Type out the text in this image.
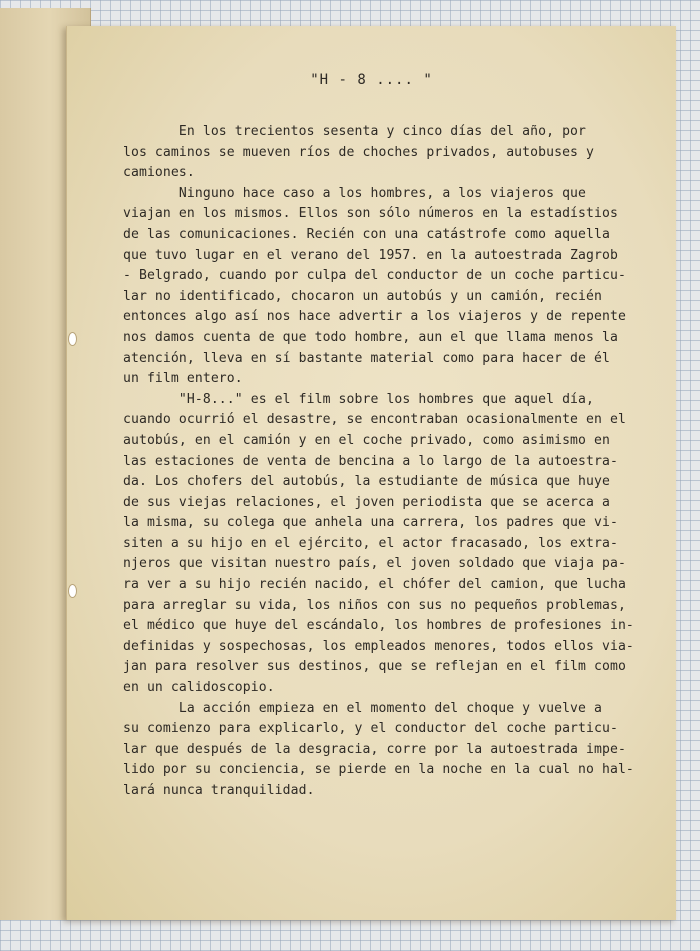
"H - 8 .... "
En los trecientos sesenta y cinco días del año, por
los caminos se mueven ríos de choches privados, autobuses y
camiones.
Ninguno hace caso a los hombres, a los viajeros que
viajan en los mismos. Ellos son sólo números en la estadístios
de las comunicaciones. Recién con una catástrofe como aquella
que tuvo lugar en el verano del 1957. en la autoestrada Zagrob
- Belgrado, cuando por culpa del conductor de un coche particu-
lar no identificado, chocaron un autobús y un camión, recién
entonces algo así nos hace advertir a los viajeros y de repente
nos damos cuenta de que todo hombre, aun el que llama menos la
atención, lleva en sí bastante material como para hacer de él
un film entero.
"H-8..." es el film sobre los hombres que aquel día,
cuando ocurrió el desastre, se encontraban ocasionalmente en el
autobús, en el camión y en el coche privado, como asimismo en
las estaciones de venta de bencina a lo largo de la autoestra-
da. Los chofers del autobús, la estudiante de música que huye
de sus viejas relaciones, el joven periodista que se acerca a
la misma, su colega que anhela una carrera, los padres que vi-
siten a su hijo en el ejército, el actor fracasado, los extra-
njeros que visitan nuestro país, el joven soldado que viaja pa-
ra ver a su hijo recién nacido, el chófer del camion, que lucha
para arreglar su vida, los niños con sus no pequeños problemas,
el médico que huye del escándalo, los hombres de profesiones in-
definidas y sospechosas, los empleados menores, todos ellos via-
jan para resolver sus destinos, que se reflejan en el film como
en un calidoscopio.
La acción empieza en el momento del choque y vuelve a
su comienzo para explicarlo, y el conductor del coche particu-
lar que después de la desgracia, corre por la autoestrada impe-
lido por su conciencia, se pierde en la noche en la cual no hal-
lará nunca tranquilidad.
